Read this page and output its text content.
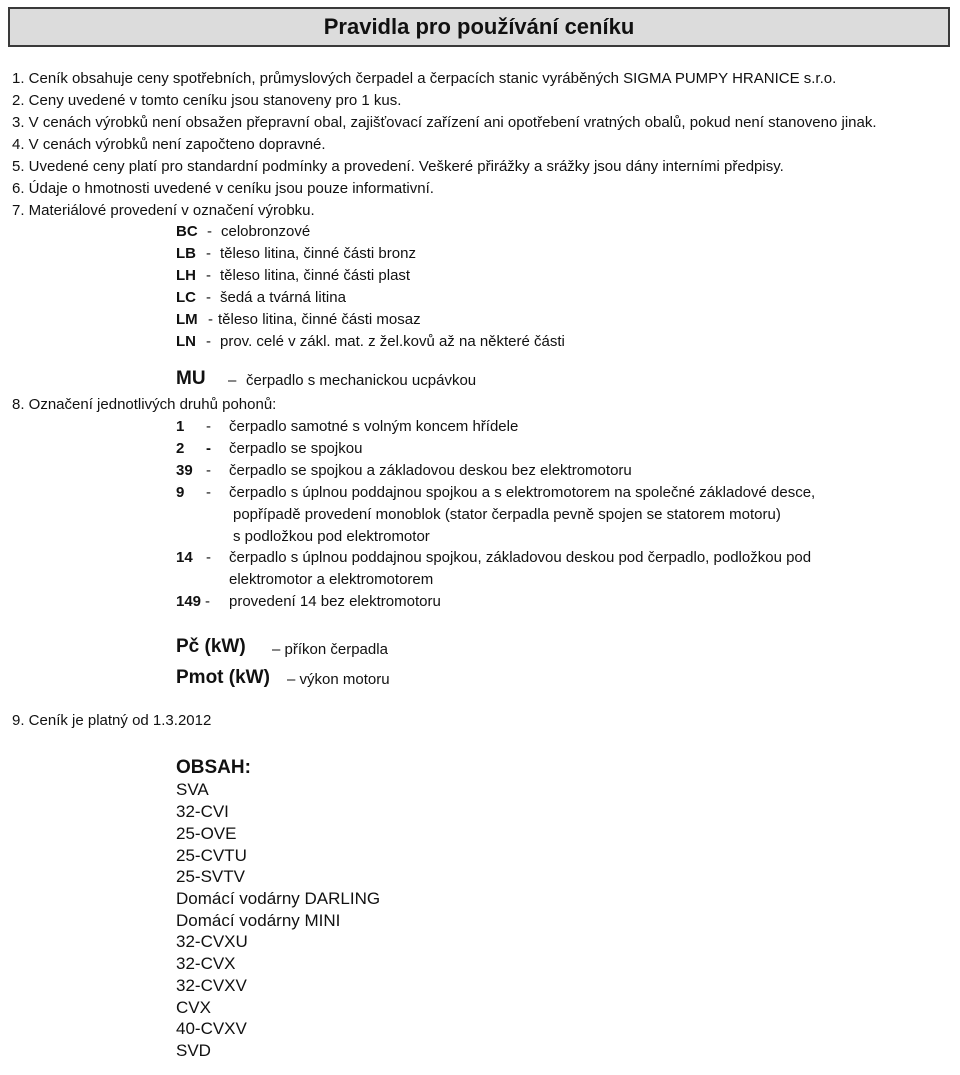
Pravidla pro používání ceníku
1. Ceník obsahuje ceny spotřebních, průmyslových čerpadel a čerpacích stanic vyráběných SIGMA PUMPY HRANICE s.r.o.
2. Ceny uvedené v tomto ceníku jsou stanoveny pro 1 kus.
3. V cenách výrobků není obsažen přepravní obal, zajišťovací zařízení ani opotřebení vratných obalů, pokud není stanoveno jinak.
4. V cenách výrobků není započteno dopravné.
5. Uvedené ceny platí pro standardní podmínky a provedení. Veškeré přirážky a srážky jsou dány interními předpisy.
6. Údaje o hmotnosti uvedené v ceníku jsou pouze informativní.
7. Materiálové provedení v označení výrobku.
BC - celobronzové
LB - těleso litina, činné části bronz
LH - těleso litina, činné části plast
LC - šedá a tvárná litina
LM - těleso litina, činné části mosaz
LN - prov. celé v zákl. mat. z žel.kovů až na některé části
MU – čerpadlo s mechanickou ucpávkou
8. Označení jednotlivých druhů pohonů:
1 - čerpadlo samotné s volným koncem hřídele
2 - čerpadlo se spojkou
39 - čerpadlo se spojkou a základovou deskou bez elektromotoru
9 - čerpadlo s úplnou poddajnou spojkou a s elektromotorem na společné základové desce,
popřípadě provedení monoblok (stator čerpadla pevně spojen se statorem motoru)
s podložkou pod elektromotor
14 - čerpadlo s úplnou poddajnou spojkou, základovou deskou pod čerpadlo, podložkou pod
elektromotor a elektromotorem
149 - provedení 14 bez elektromotoru
Pč (kW) – příkon čerpadla
Pmot (kW) – výkon motoru
9. Ceník je platný od 1.3.2012
OBSAH:
SVA
32-CVI
25-OVE
25-CVTU
25-SVTV
Domácí vodárny DARLING
Domácí vodárny MINI
32-CVXU
32-CVX
32-CVXV
CVX
40-CVXV
SVD
